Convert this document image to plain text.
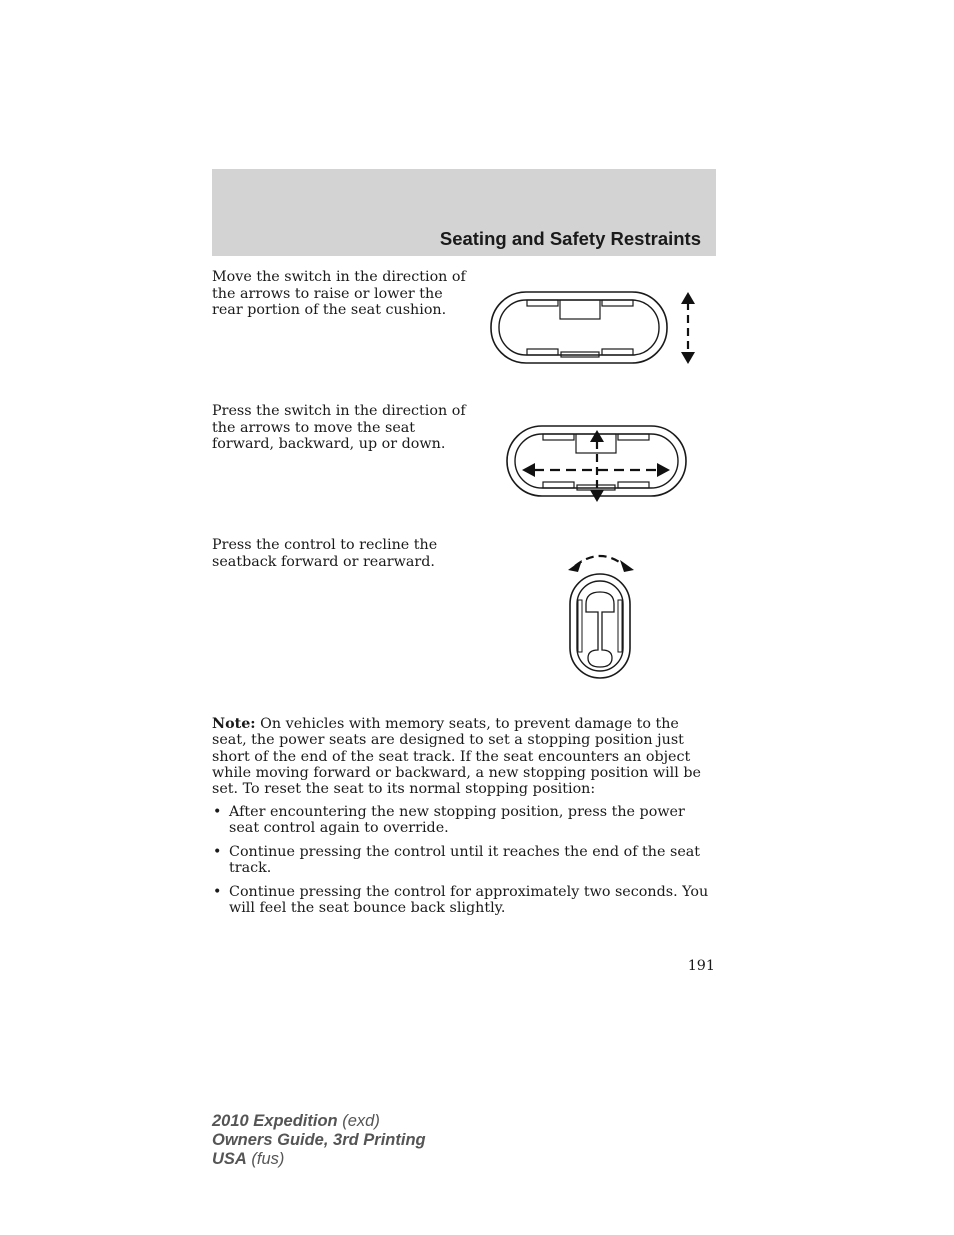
Seating and Safety Restraints

Move the switch in the direction of the arrows to raise or lower the rear portion of the seat cushion.

Press the switch in the direction of the arrows to move the seat forward, backward, up or down.

Press the control to recline the seatback forward or rearward.

Note: On vehicles with memory seats, to prevent damage to the seat, the power seats are designed to set a stopping position just short of the end of the seat track. If the seat encounters an object while moving forward or backward, a new stopping position will be set. To reset the seat to its normal stopping position:

• After encountering the new stopping position, press the power seat control again to override.
• Continue pressing the control until it reaches the end of the seat track.
• Continue pressing the control for approximately two seconds. You will feel the seat bounce back slightly.
191
2010 Expedition (exd)
Owners Guide, 3rd Printing
USA (fus)
